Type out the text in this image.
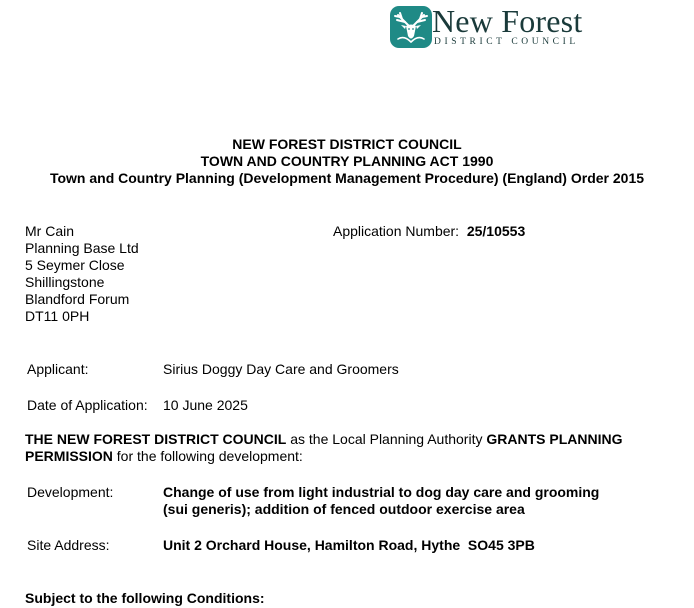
New Forest
DISTRICT COUNCIL
NEW FOREST DISTRICT COUNCIL
TOWN AND COUNTRY PLANNING ACT 1990
Town and Country Planning (Development Management Procedure) (England) Order 2015
Mr Cain
Planning Base Ltd
5 Seymer Close
Shillingstone
Blandford Forum
DT11 0PH
Application Number: 25/10553
Applicant:	Sirius Doggy Day Care and Groomers
Date of Application: 10 June 2025
THE NEW FOREST DISTRICT COUNCIL as the Local Planning Authority GRANTS PLANNING PERMISSION for the following development:
Development:	Change of use from light industrial to dog day care and grooming
(sui generis); addition of fenced outdoor exercise area
Site Address:	Unit 2 Orchard House, Hamilton Road, Hythe  SO45 3PB
Subject to the following Conditions:
